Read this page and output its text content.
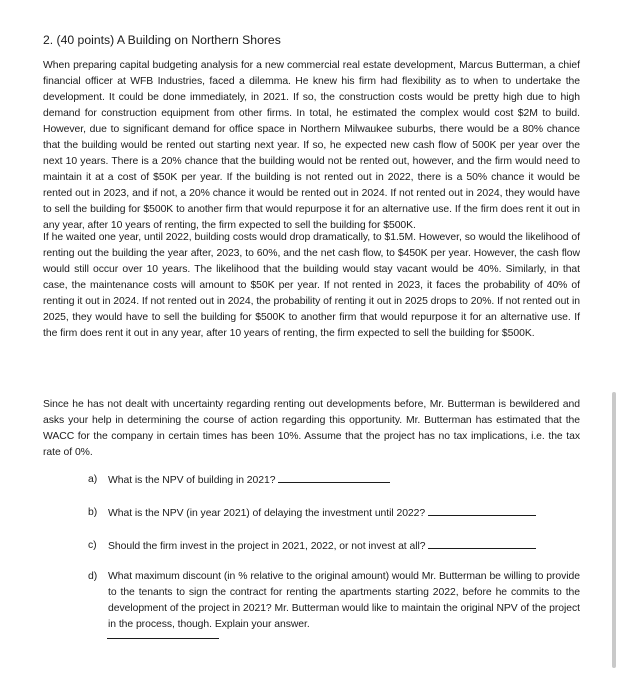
2. (40 points) A Building on Northern Shores
When preparing capital budgeting analysis for a new commercial real estate development, Marcus Butterman, a chief financial officer at WFB Industries, faced a dilemma. He knew his firm had flexibility as to when to undertake the development. It could be done immediately, in 2021. If so, the construction costs would be pretty high due to high demand for construction equipment from other firms. In total, he estimated the complex would cost $2M to build. However, due to significant demand for office space in Northern Milwaukee suburbs, there would be a 80% chance that the building would be rented out starting next year. If so, he expected new cash flow of 500K per year over the next 10 years. There is a 20% chance that the building would not be rented out, however, and the firm would need to maintain it at a cost of $50K per year. If the building is not rented out in 2022, there is a 50% chance it would be rented out in 2023, and if not, a 20% chance it would be rented out in 2024. If not rented out in 2024, they would have to sell the building for $500K to another firm that would repurpose it for an alternative use. If the firm does rent it out in any year, after 10 years of renting, the firm expected to sell the building for $500K.
If he waited one year, until 2022, building costs would drop dramatically, to $1.5M. However, so would the likelihood of renting out the building the year after, 2023, to 60%, and the net cash flow, to $450K per year. However, the cash flow would still occur over 10 years. The likelihood that the building would stay vacant would be 40%. Similarly, in that case, the maintenance costs will amount to $50K per year. If not rented in 2023, it faces the probability of 40% of renting it out in 2024. If not rented out in 2024, the probability of renting it out in 2025 drops to 20%. If not rented out in 2025, they would have to sell the building for $500K to another firm that would repurpose it for an alternative use. If the firm does rent it out in any year, after 10 years of renting, the firm expected to sell the building for $500K.
Since he has not dealt with uncertainty regarding renting out developments before, Mr. Butterman is bewildered and asks your help in determining the course of action regarding this opportunity. Mr. Butterman has estimated that the WACC for the company in certain times has been 10%. Assume that the project has no tax implications, i.e. the tax rate of 0%.
a) What is the NPV of building in 2021?
b) What is the NPV (in year 2021) of delaying the investment until 2022?
c) Should the firm invest in the project in 2021, 2022, or not invest at all?
d) What maximum discount (in % relative to the original amount) would Mr. Butterman be willing to provide to the tenants to sign the contract for renting the apartments starting 2022, before he commits to the development of the project in 2021? Mr. Butterman would like to maintain the original NPV of the project in the process, though. Explain your answer.
